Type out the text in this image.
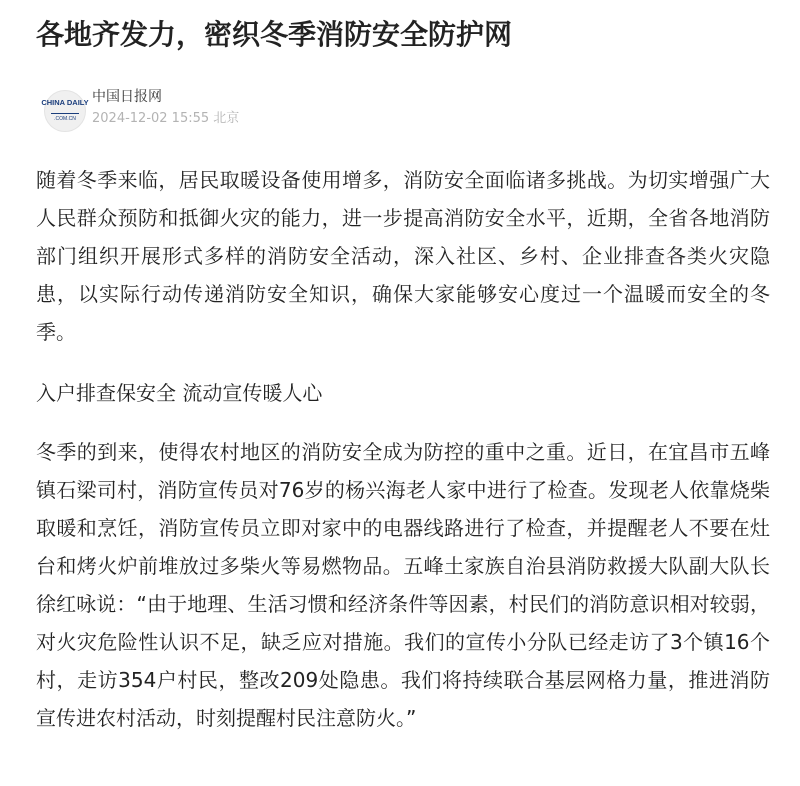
各地齐发力，密织冬季消防安全防护网
CHINA DAILY
.COM.CN
中国日报网
2024-12-02 15:55 北京

随着冬季来临，居民取暖设备使用增多，消防安全面临诸多挑战。为切实增强广大人民群众预防和抵御火灾的能力，进一步提高消防安全水平，近期，全省各地消防部门组织开展形式多样的消防安全活动，深入社区、乡村、企业排查各类火灾隐患，以实际行动传递消防安全知识，确保大家能够安心度过一个温暖而安全的冬季。

入户排查保安全 流动宣传暖人心

冬季的到来，使得农村地区的消防安全成为防控的重中之重。近日，在宜昌市五峰镇石梁司村，消防宣传员对76岁的杨兴海老人家中进行了检查。发现老人依靠烧柴取暖和烹饪，消防宣传员立即对家中的电器线路进行了检查，并提醒老人不要在灶台和烤火炉前堆放过多柴火等易燃物品。五峰土家族自治县消防救援大队副大队长徐红咏说：“由于地理、生活习惯和经济条件等因素，村民们的消防意识相对较弱，对火灾危险性认识不足，缺乏应对措施。我们的宣传小分队已经走访了3个镇16个村，走访354户村民，整改209处隐患。我们将持续联合基层网格力量，推进消防宣传进农村活动，时刻提醒村民注意防火。”
